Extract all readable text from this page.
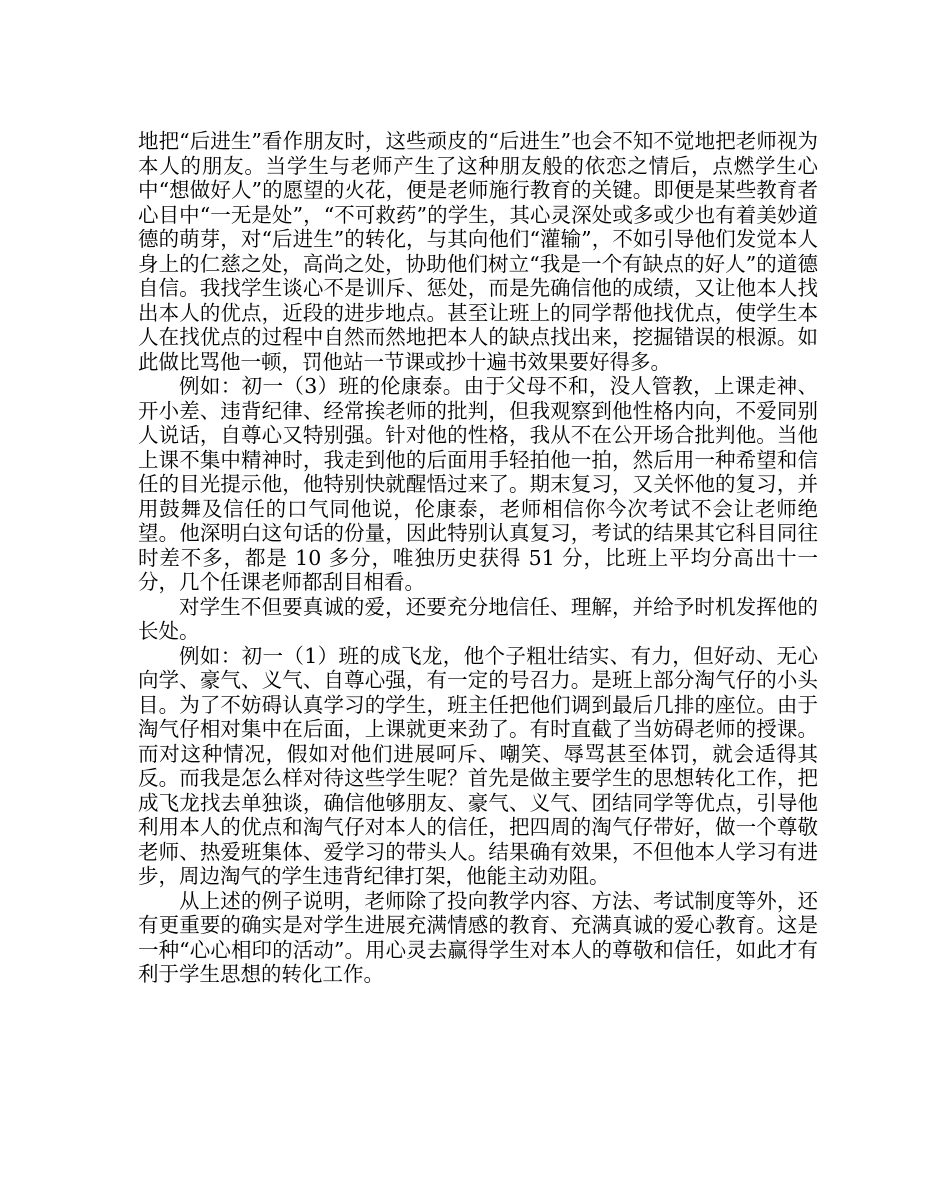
地把“后进生”看作朋友时，这些顽皮的“后进生”也会不知不觉地把老师视为本人的朋友。当学生与老师产生了这种朋友般的依恋之情后，点燃学生心中“想做好人”的愿望的火花，便是老师施行教育的关键。即便是某些教育者心目中“一无是处”，“不可救药”的学生，其心灵深处或多或少也有着美妙道德的萌芽，对“后进生”的转化，与其向他们“灌输”，不如引导他们发觉本人身上的仁慈之处，高尚之处，协助他们树立“我是一个有缺点的好人”的道德自信。我找学生谈心不是训斥、惩处，而是先确信他的成绩，又让他本人找出本人的优点，近段的进步地点。甚至让班上的同学帮他找优点，使学生本人在找优点的过程中自然而然地把本人的缺点找出来，挖掘错误的根源。如此做比骂他一顿，罚他站一节课或抄十遍书效果要好得多。

例如：初一（3）班的伦康泰。由于父母不和，没人管教，上课走神、开小差、违背纪律、经常挨老师的批判，但我观察到他性格内向，不爱同别人说话，自尊心又特别强。针对他的性格，我从不在公开场合批判他。当他上课不集中精神时，我走到他的后面用手轻拍他一拍，然后用一种希望和信任的目光提示他，他特别快就醒悟过来了。期末复习，又关怀他的复习，并用鼓舞及信任的口气同他说，伦康泰，老师相信你今次考试不会让老师绝望。他深明白这句话的份量，因此特别认真复习，考试的结果其它科目同往时差不多，都是 10 多分，唯独历史获得 51 分，比班上平均分高出十一分，几个任课老师都刮目相看。

对学生不但要真诚的爱，还要充分地信任、理解，并给予时机发挥他的长处。

例如：初一（1）班的成飞龙，他个子粗壮结实、有力，但好动、无心向学、豪气、义气、自尊心强，有一定的号召力。是班上部分淘气仔的小头目。为了不妨碍认真学习的学生，班主任把他们调到最后几排的座位。由于淘气仔相对集中在后面，上课就更来劲了。有时直截了当妨碍老师的授课。而对这种情况，假如对他们进展呵斥、嘲笑、辱骂甚至体罚，就会适得其反。而我是怎么样对待这些学生呢？首先是做主要学生的思想转化工作，把成飞龙找去单独谈，确信他够朋友、豪气、义气、团结同学等优点，引导他利用本人的优点和淘气仔对本人的信任，把四周的淘气仔带好，做一个尊敬老师、热爱班集体、爱学习的带头人。结果确有效果，不但他本人学习有进步，周边淘气的学生违背纪律打架，他能主动劝阻。

从上述的例子说明，老师除了投向教学内容、方法、考试制度等外，还有更重要的确实是对学生进展充满情感的教育、充满真诚的爱心教育。这是一种“心心相印的活动”。用心灵去赢得学生对本人的尊敬和信任，如此才有利于学生思想的转化工作。
